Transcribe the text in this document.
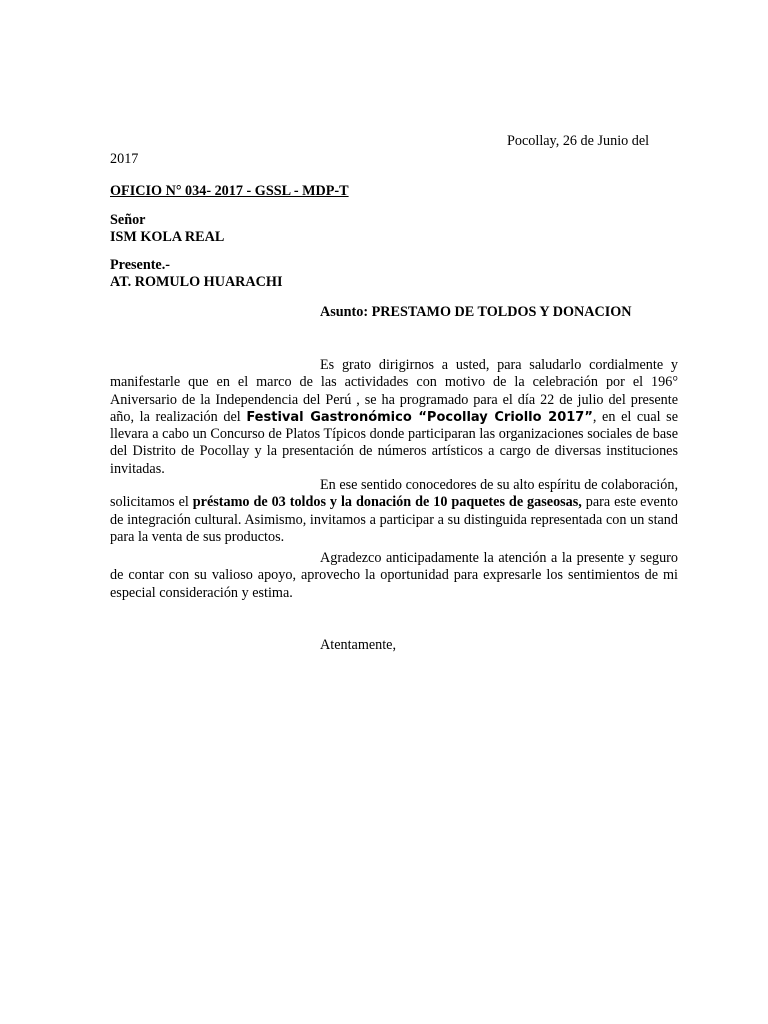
Pocollay, 26 de Junio del
2017
OFICIO N° 034- 2017 - GSSL - MDP-T
Señor
ISM KOLA REAL
Presente.-
AT. ROMULO HUARACHI
Asunto: PRESTAMO DE TOLDOS Y DONACION
Es grato dirigirnos a usted, para saludarlo cordialmente y manifestarle que en el marco de las actividades con motivo de la celebración por el 196° Aniversario de la Independencia del Perú , se ha programado para el día 22 de julio del presente año, la realización del Festival Gastronómico “Pocollay Criollo 2017”, en el cual se llevara a cabo un Concurso de Platos Típicos donde participaran las organizaciones sociales de base del Distrito de Pocollay y la presentación de números artísticos a cargo de diversas instituciones invitadas.
En ese sentido conocedores de su alto espíritu de colaboración, solicitamos el préstamo de 03 toldos y la donación de 10 paquetes de gaseosas, para este evento de integración cultural. Asimismo, invitamos a participar a su distinguida representada con un stand para la venta de sus productos.
Agradezco anticipadamente la atención a la presente y seguro de contar con su valioso apoyo, aprovecho la oportunidad para expresarle los sentimientos de mi especial consideración y estima.
Atentamente,
